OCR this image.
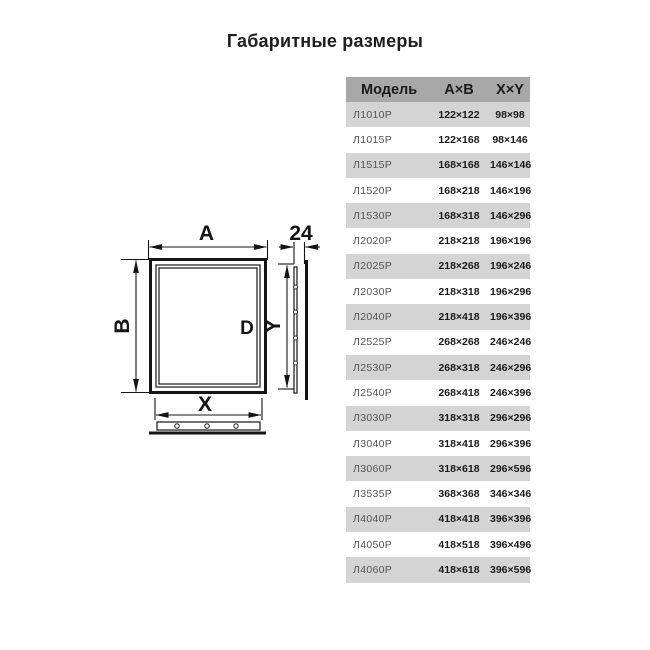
Габаритные размеры
D
A
B
X
24
Y
Модель	А×В	Х×Y
Л1010Р	122×122	98×98
Л1015Р	122×168	98×146
Л1515Р	168×168 146×146
Л1520Р	168×218 146×196
Л1530Р	168×318 146×296
Л2020Р	218×218 196×196
Л2025Р	218×268 196×246
Л2030Р	218×318 196×296
Л2040Р	218×418 196×396
Л2525Р	268×268 246×246
Л2530Р	268×318 246×296
Л2540Р	268×418 246×396
Л3030Р	318×318 296×296
Л3040Р	318×418 296×396
Л3060Р	318×618 296×596
Л3535Р	368×368 346×346
Л4040Р	418×418 396×396
Л4050Р	418×518 396×496
Л4060Р	418×618 396×596
